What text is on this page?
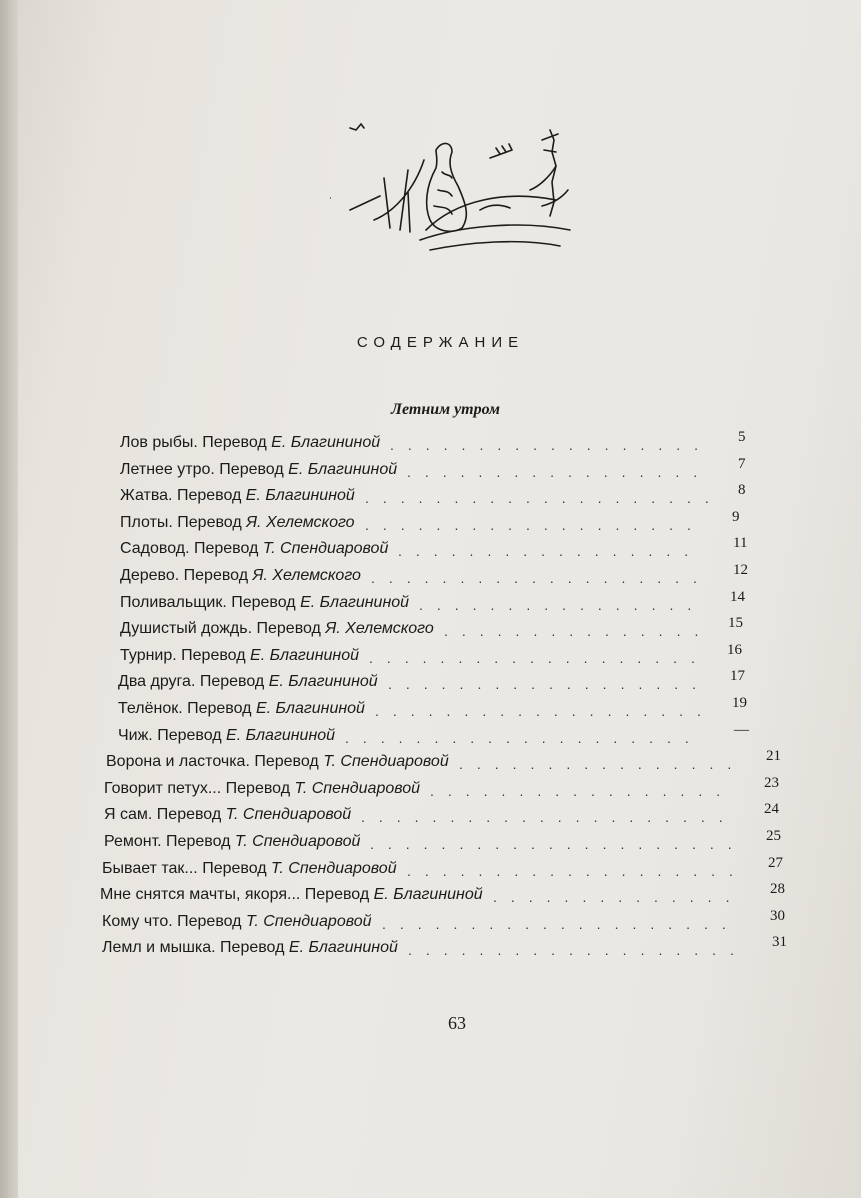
СОДЕРЖАНИЕ
Летним утром
Лов рыбы. Перевод Е. Благининой .................. 5
Летнее утро. Перевод Е. Благининой ................. 7
Жатва. Перевод Е. Благининой .................... 8
Плоты. Перевод Я. Хелемского ................... 9
Садовод. Перевод Т. Спендиаровой ................. 11
Дерево. Перевод Я. Хелемского ................... 12
Поливальщик. Перевод Е. Благининой ................ 14
Душистый дождь. Перевод Я. Хелемского ............... 15
Турнир. Перевод Е. Благининой ................... 16
Два друга. Перевод Е. Благининой .................. 17
Телёнок. Перевод Е. Благининой ................... 19
Чиж. Перевод Е. Благининой .................... —
Ворона и ласточка. Перевод Т. Спендиаровой ................ 21
Говорит петух... Перевод Т. Спендиаровой ................. 23
Я сам. Перевод Т. Спендиаровой ..................... 24
Ремонт. Перевод Т. Спендиаровой ..................... 25
Бывает так... Перевод Т. Спендиаровой ................... 27
Мне снятся мачты, якоря... Перевод Е. Благининой .............. 28
Кому что. Перевод Т. Спендиаровой .................... 30
Лемл и мышка. Перевод Е. Благининой ................... 31
63
